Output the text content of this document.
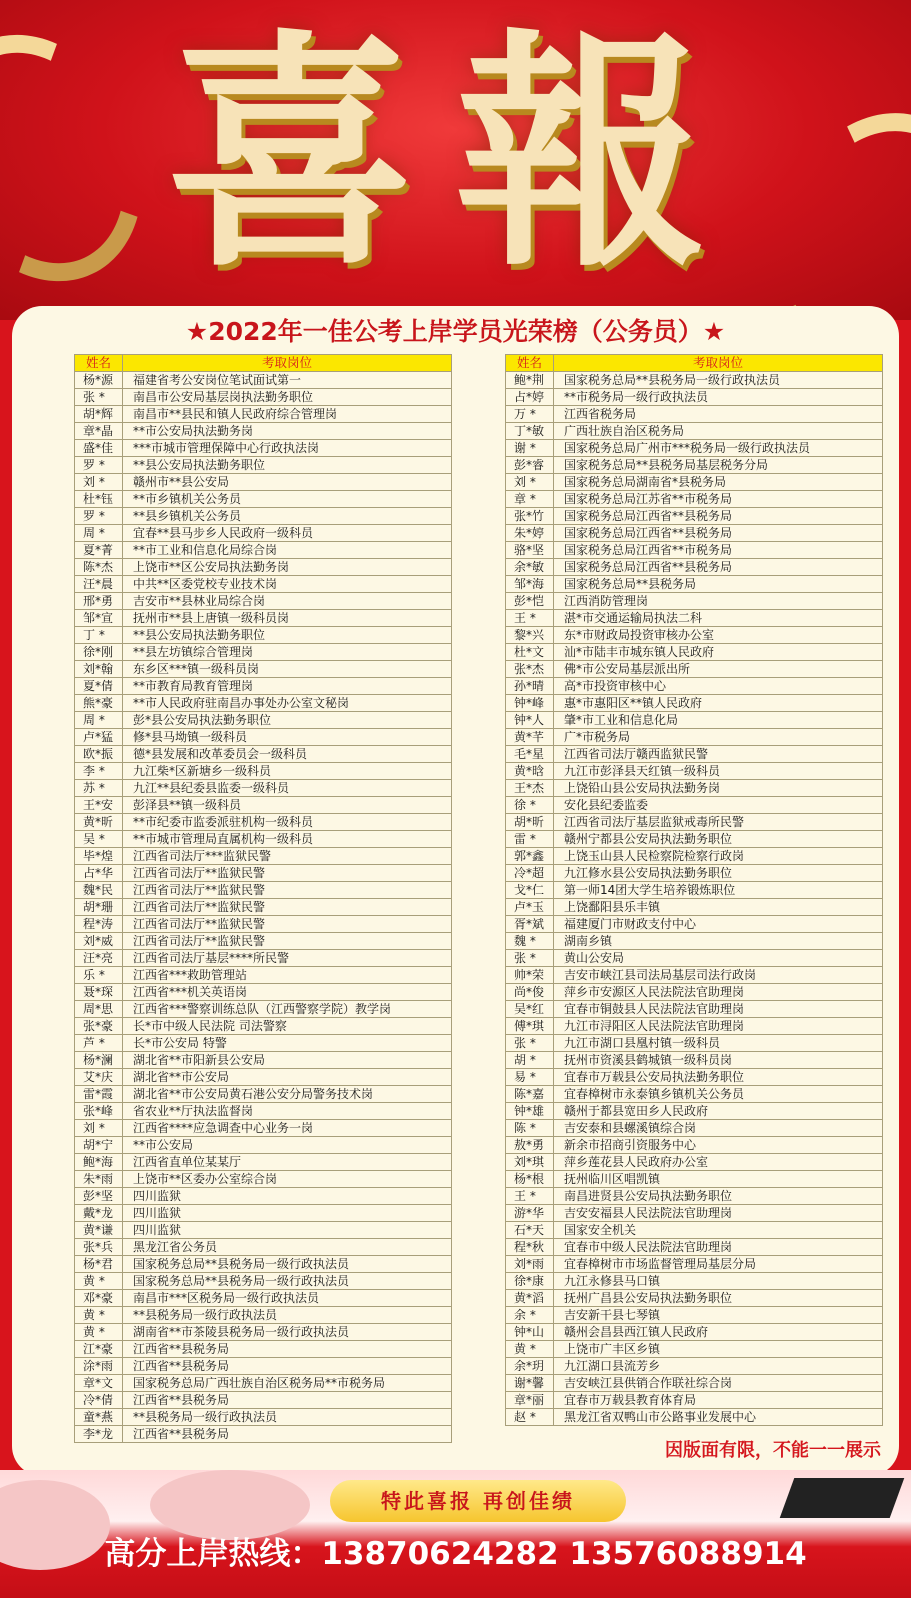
喜報
★2022年一佳公考上岸学员光荣榜（公务员）★
姓名	考取岗位
杨*源	福建省考公安岗位笔试面试第一
张 *	南昌市公安局基层岗执法勤务职位
胡*辉	南昌市**县民和镇人民政府综合管理岗
章*晶	**市公安局执法勤务岗
盛*佳	***市城市管理保障中心行政执法岗
罗 *	**县公安局执法勤务职位
刘 *	赣州市**县公安局
杜*钰	**市乡镇机关公务员
罗 *	**县乡镇机关公务员
周 *	宜春**县马步乡人民政府一级科员
夏*菁	**市工业和信息化局综合岗
陈*杰	上饶市**区公安局执法勤务岗
汪*晨	中共**区委党校专业技术岗
邢*勇	吉安市**县林业局综合岗
邹*宣	抚州市**县上唐镇一级科员岗
丁 *	**县公安局执法勤务职位
徐*刚	**县左坊镇综合管理岗
刘*翰	东乡区***镇一级科员岗
夏*倩	**市教育局教育管理岗
熊*豪	**市人民政府驻南昌办事处办公室文秘岗
周 *	彭*县公安局执法勤务职位
卢*猛	修*县马坳镇一级科员
欧*振	德*县发展和改革委员会一级科员
李 *	九江柴*区新塘乡一级科员
苏 *	九江**县纪委县监委一级科员
王*安	彭泽县**镇一级科员
黄*昕	**市纪委市监委派驻机构一级科员
吴 *	**市城市管理局直属机构一级科员
毕*煌	江西省司法厅***监狱民警
占*华	江西省司法厅**监狱民警
魏*民	江西省司法厅**监狱民警
胡*珊	江西省司法厅**监狱民警
程*涛	江西省司法厅**监狱民警
刘*威	江西省司法厅**监狱民警
汪*亮	江西省司法厅基层****所民警
乐 *	江西省***救助管理站
聂*琛	江西省***机关英语岗
周*思	江西省***警察训练总队（江西警察学院）教学岗
张*豪	长*市中级人民法院 司法警察
芦 *	长*市公安局 特警
杨*澜	湖北省**市阳新县公安局
艾*庆	湖北省**市公安局
雷*霞	湖北省**市公安局黄石港公安分局警务技术岗
张*峰	省农业**厅执法监督岗
刘 *	江西省****应急调查中心业务一岗
胡*宁	**市公安局
鲍*海	江西省直单位某某厅
朱*雨	上饶市**区委办公室综合岗
彭*坚	四川监狱
戴*龙	四川监狱
黄*谦	四川监狱
张*兵	黑龙江省公务员
杨*君	国家税务总局**县税务局一级行政执法员
黄 *	国家税务总局**县税务局一级行政执法员
邓*豪	南昌市***区税务局一级行政执法员
黄 *	**县税务局一级行政执法员
黄 *	湖南省**市茶陵县税务局一级行政执法员
江*豪	江西省**县税务局
涂*雨	江西省**县税务局
章*文	国家税务总局广西壮族自治区税务局**市税务局
冷*倩	江西省**县税务局
童*燕	**县税务局一级行政执法员
李*龙	江西省**县税务局
姓名	考取岗位
鲍*荆	国家税务总局**县税务局一级行政执法员
占*婷	**市税务局一级行政执法员
万 *	江西省税务局
丁*敏	广西壮族自治区税务局
谢 *	国家税务总局广州市***税务局一级行政执法员
彭*睿	国家税务总局**县税务局基层税务分局
刘 *	国家税务总局湖南省*县税务局
章 *	国家税务总局江苏省**市税务局
张*竹	国家税务总局江西省**县税务局
朱*婷	国家税务总局江西省**县税务局
骆*坚	国家税务总局江西省**市税务局
余*敏	国家税务总局江西省**县税务局
邹*海	国家税务总局**县税务局
彭*恺	江西消防管理岗
王 *	湛*市交通运输局执法二科
黎*兴	东*市财政局投资审核办公室
杜*文	汕*市陆丰市城东镇人民政府
张*杰	佛*市公安局基层派出所
孙*晴	高*市投资审核中心
钟*峰	惠*市惠阳区**镇人民政府
钟*人	肇*市工业和信息化局
黄*芊	广*市税务局
毛*星	江西省司法厅赣西监狱民警
黄*晗	九江市彭泽县天红镇一级科员
王*杰	上饶铅山县公安局执法勤务岗
徐 *	安化县纪委监委
胡*昕	江西省司法厅基层监狱戒毒所民警
雷 *	赣州宁都县公安局执法勤务职位
郭*鑫	上饶玉山县人民检察院检察行政岗
冷*超	九江修水县公安局执法勤务职位
戈*仁	第一师14团大学生培养锻炼职位
卢*玉	上饶鄱阳县乐丰镇
胥*斌	福建厦门市财政支付中心
魏 *	湖南乡镇
张 *	黄山公安局
帅*荣	吉安市峡江县司法局基层司法行政岗
尚*俊	萍乡市安源区人民法院法官助理岗
吴*红	宜春市铜鼓县人民法院法官助理岗
傅*琪	九江市浔阳区人民法院法官助理岗
张 *	九江市湖口县凰村镇一级科员
胡 *	抚州市资溪县鹤城镇一级科员岗
易 *	宜春市万载县公安局执法勤务职位
陈*嘉	宜春樟树市永泰镇乡镇机关公务员
钟*雄	赣州于都县宽田乡人民政府
陈 *	吉安泰和县螺溪镇综合岗
敖*勇	新余市招商引资服务中心
刘*琪	萍乡莲花县人民政府办公室
杨*根	抚州临川区唱凯镇
王 *	南昌进贤县公安局执法勤务职位
游*华	吉安安福县人民法院法官助理岗
石*天	国家安全机关
程*秋	宜春市中级人民法院法官助理岗
刘*雨	宜春樟树市市场监督管理局基层分局
徐*康	九江永修县马口镇
黄*滔	抚州广昌县公安局执法勤务职位
余 *	吉安新干县七琴镇
钟*山	赣州会昌县西江镇人民政府
黄 *	上饶市广丰区乡镇
余*玥	九江湖口县流芳乡
谢*馨	吉安峡江县供销合作联社综合岗
章*丽	宜春市万载县教育体育局
赵 *	黑龙江省双鸭山市公路事业发展中心
因版面有限，不能一一展示
特此喜报 再创佳绩
高分上岸热线：13870624282 13576088914
